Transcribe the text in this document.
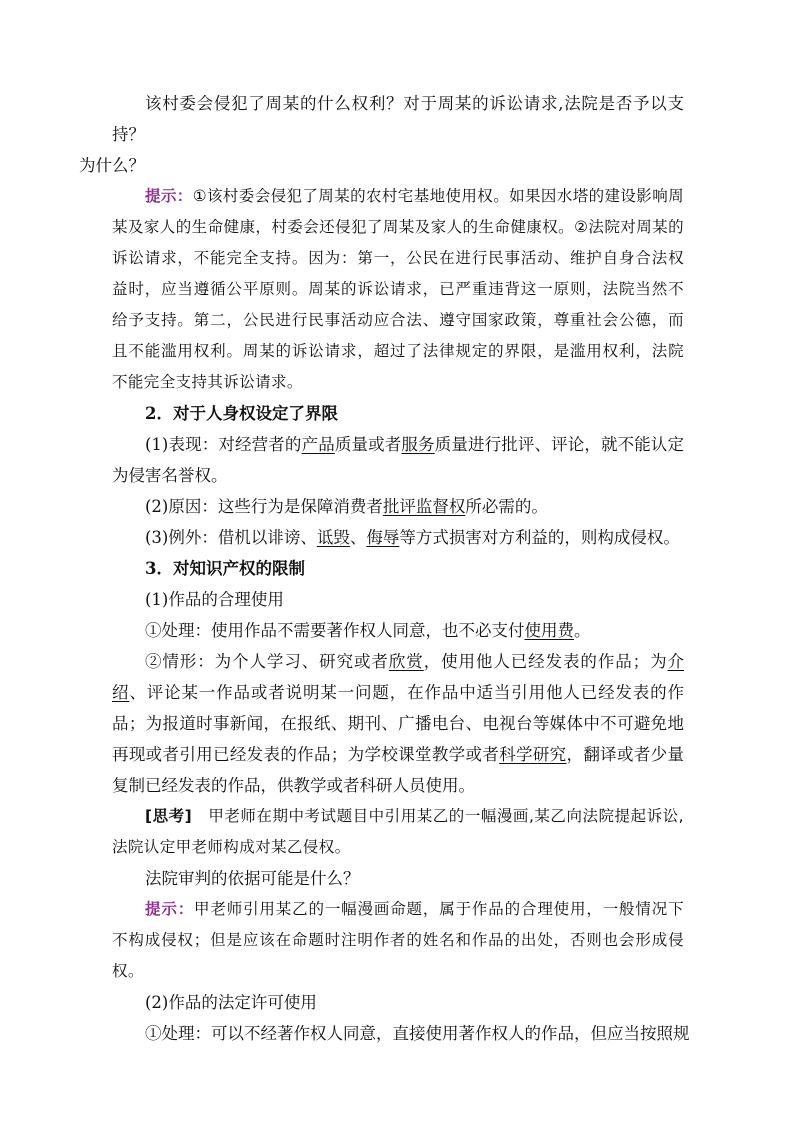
该村委会侵犯了周某的什么权利？对于周某的诉讼请求,法院是否予以支持？
为什么？
提示：①该村委会侵犯了周某的农村宅基地使用权。如果因水塔的建设影响周某及家人的生命健康，村委会还侵犯了周某及家人的生命健康权。②法院对周某的诉讼请求，不能完全支持。因为：第一，公民在进行民事活动、维护自身合法权益时，应当遵循公平原则。周某的诉讼请求，已严重违背这一原则，法院当然不给予支持。第二，公民进行民事活动应合法、遵守国家政策，尊重社会公德，而且不能滥用权利。周某的诉讼请求，超过了法律规定的界限，是滥用权利，法院不能完全支持其诉讼请求。
2．对于人身权设定了界限
(1)表现：对经营者的产品质量或者服务质量进行批评、评论，就不能认定为侵害名誉权。
(2)原因：这些行为是保障消费者批评监督权所必需的。
(3)例外：借机以诽谤、诋毁、侮辱等方式损害对方利益的，则构成侵权。
3．对知识产权的限制
(1)作品的合理使用
①处理：使用作品不需要著作权人同意，也不必支付使用费。
②情形：为个人学习、研究或者欣赏，使用他人已经发表的作品；为介绍、评论某一作品或者说明某一问题，在作品中适当引用他人已经发表的作品；为报道时事新闻，在报纸、期刊、广播电台、电视台等媒体中不可避免地再现或者引用已经发表的作品；为学校课堂教学或者科学研究，翻译或者少量复制已经发表的作品，供教学或者科研人员使用。
[思考]　甲老师在期中考试题目中引用某乙的一幅漫画,某乙向法院提起诉讼,法院认定甲老师构成对某乙侵权。
法院审判的依据可能是什么？
提示：甲老师引用某乙的一幅漫画命题，属于作品的合理使用，一般情况下不构成侵权；但是应该在命题时注明作者的姓名和作品的出处，否则也会形成侵权。
(2)作品的法定许可使用
①处理：可以不经著作权人同意，直接使用著作权人的作品，但应当按照规
